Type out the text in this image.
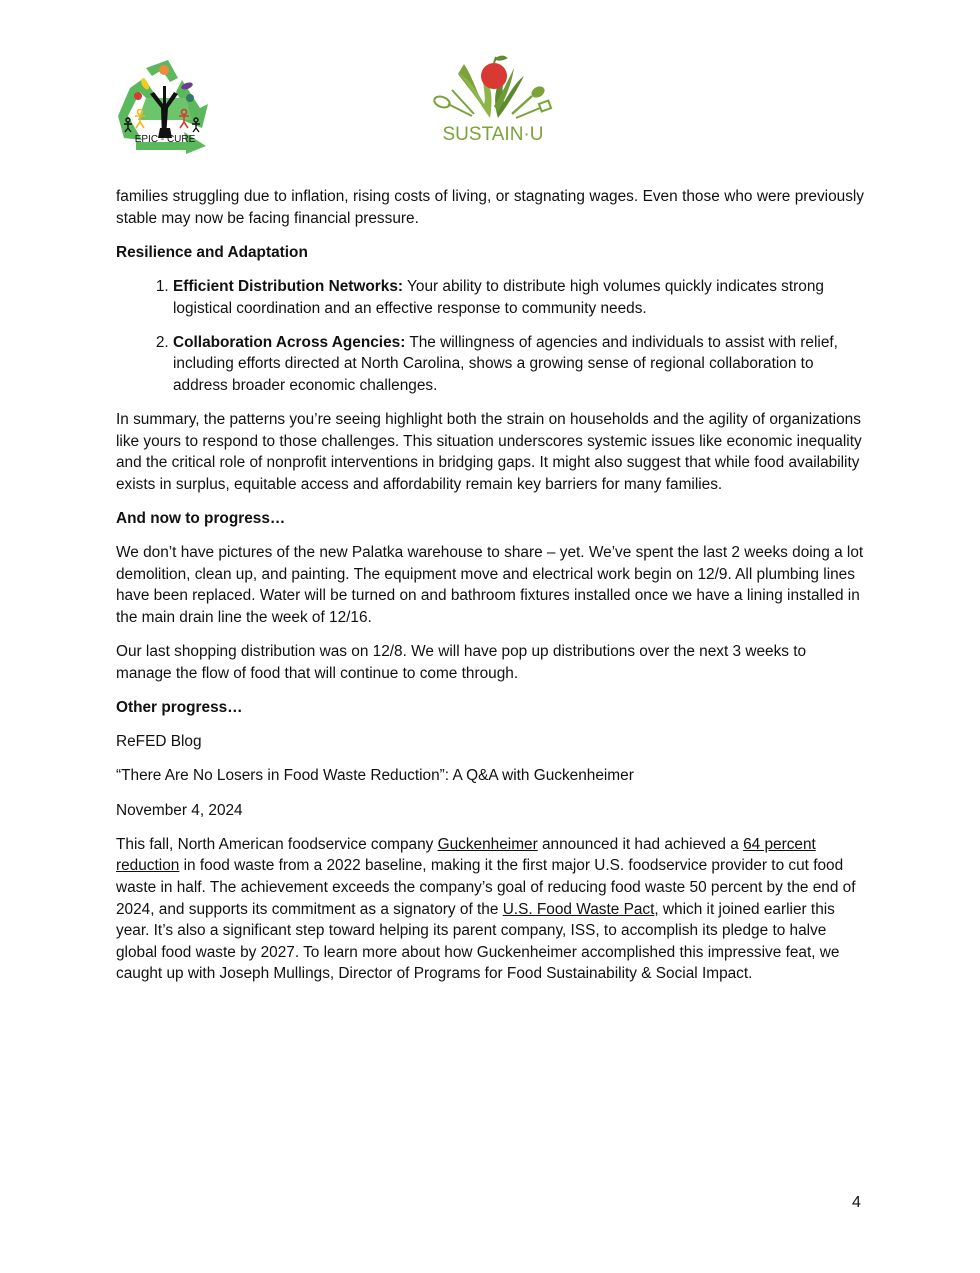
EPIC - CURE	SUSTAIN·U

families struggling due to inflation, rising costs of living, or stagnating wages. Even those who were previously stable may now be facing financial pressure.

Resilience and Adaptation

1. Efficient Distribution Networks: Your ability to distribute high volumes quickly indicates strong logistical coordination and an effective response to community needs.
2. Collaboration Across Agencies: The willingness of agencies and individuals to assist with relief, including efforts directed at North Carolina, shows a growing sense of regional collaboration to address broader economic challenges.

In summary, the patterns you’re seeing highlight both the strain on households and the agility of organizations like yours to respond to those challenges. This situation underscores systemic issues like economic inequality and the critical role of nonprofit interventions in bridging gaps. It might also suggest that while food availability exists in surplus, equitable access and affordability remain key barriers for many families.

And now to progress…

We don’t have pictures of the new Palatka warehouse to share – yet. We’ve spent the last 2 weeks doing a lot demolition, clean up, and painting. The equipment move and electrical work begin on 12/9. All plumbing lines have been replaced. Water will be turned on and bathroom fixtures installed once we have a lining installed in the main drain line the week of 12/16.

Our last shopping distribution was on 12/8. We will have pop up distributions over the next 3 weeks to manage the flow of food that will continue to come through.

Other progress…

ReFED Blog

“There Are No Losers in Food Waste Reduction”: A Q&A with Guckenheimer

November 4, 2024

This fall, North American foodservice company Guckenheimer announced it had achieved a 64 percent reduction in food waste from a 2022 baseline, making it the first major U.S. foodservice provider to cut food waste in half. The achievement exceeds the company’s goal of reducing food waste 50 percent by the end of 2024, and supports its commitment as a signatory of the U.S. Food Waste Pact, which it joined earlier this year. It’s also a significant step toward helping its parent company, ISS, to accomplish its pledge to halve global food waste by 2027. To learn more about how Guckenheimer accomplished this impressive feat, we caught up with Joseph Mullings, Director of Programs for Food Sustainability & Social Impact.

4
